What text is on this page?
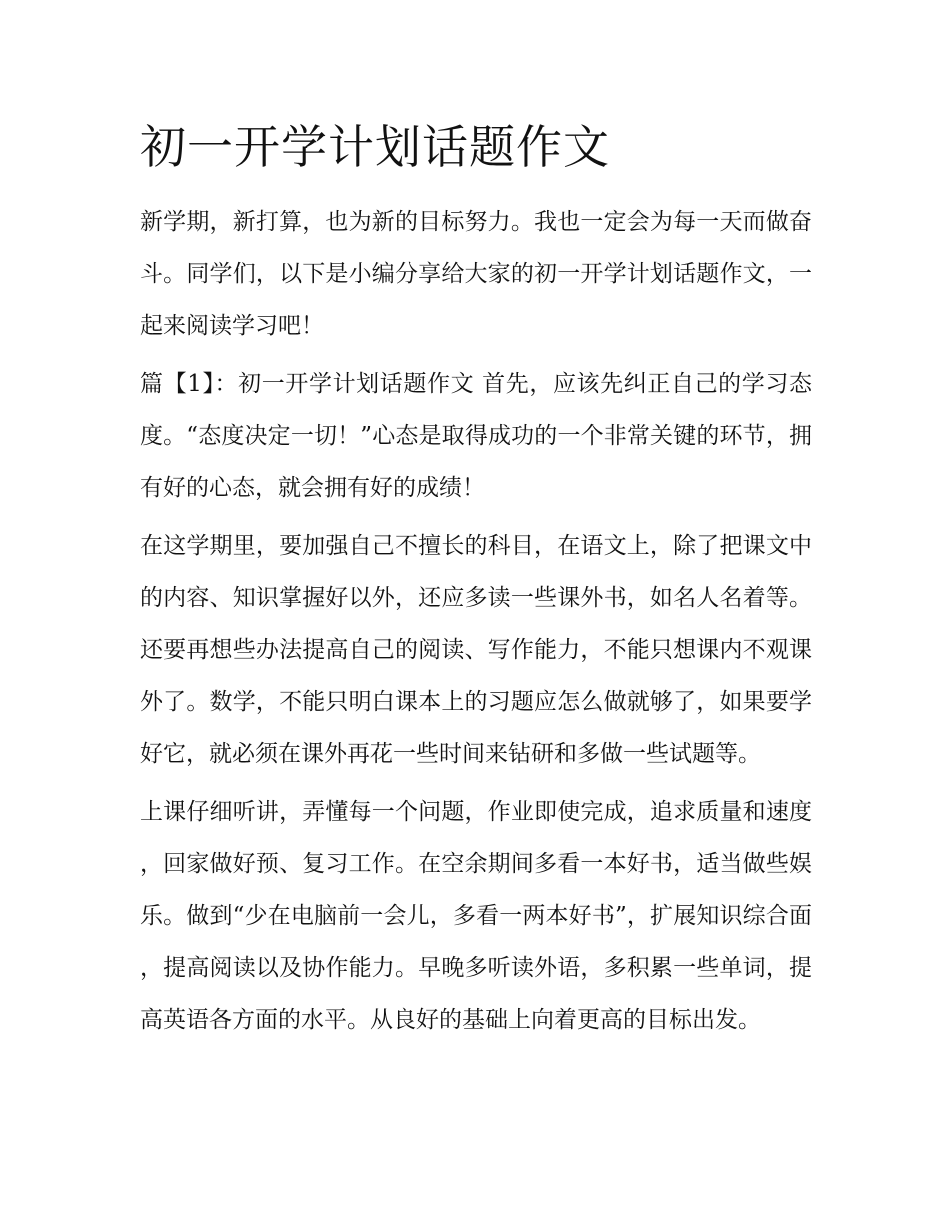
初一开学计划话题作文

新学期，新打算，也为新的目标努力。我也一定会为每一天而做奋斗。同学们，以下是小编分享给大家的初一开学计划话题作文，一起来阅读学习吧！

篇【1】：初一开学计划话题作文 首先，应该先纠正自己的学习态度。“态度决定一切！”心态是取得成功的一个非常关键的环节，拥有好的心态，就会拥有好的成绩！

在这学期里，要加强自己不擅长的科目，在语文上，除了把课文中的内容、知识掌握好以外，还应多读一些课外书，如名人名着等。还要再想些办法提高自己的阅读、写作能力，不能只想课内不观课外了。数学，不能只明白课本上的习题应怎么做就够了，如果要学好它，就必须在课外再花一些时间来钻研和多做一些试题等。

上课仔细听讲，弄懂每一个问题，作业即使完成，追求质量和速度，回家做好预、复习工作。在空余期间多看一本好书，适当做些娱乐。做到“少在电脑前一会儿，多看一两本好书”，扩展知识综合面，提高阅读以及协作能力。早晚多听读外语，多积累一些单词，提高英语各方面的水平。从良好的基础上向着更高的目标出发。
